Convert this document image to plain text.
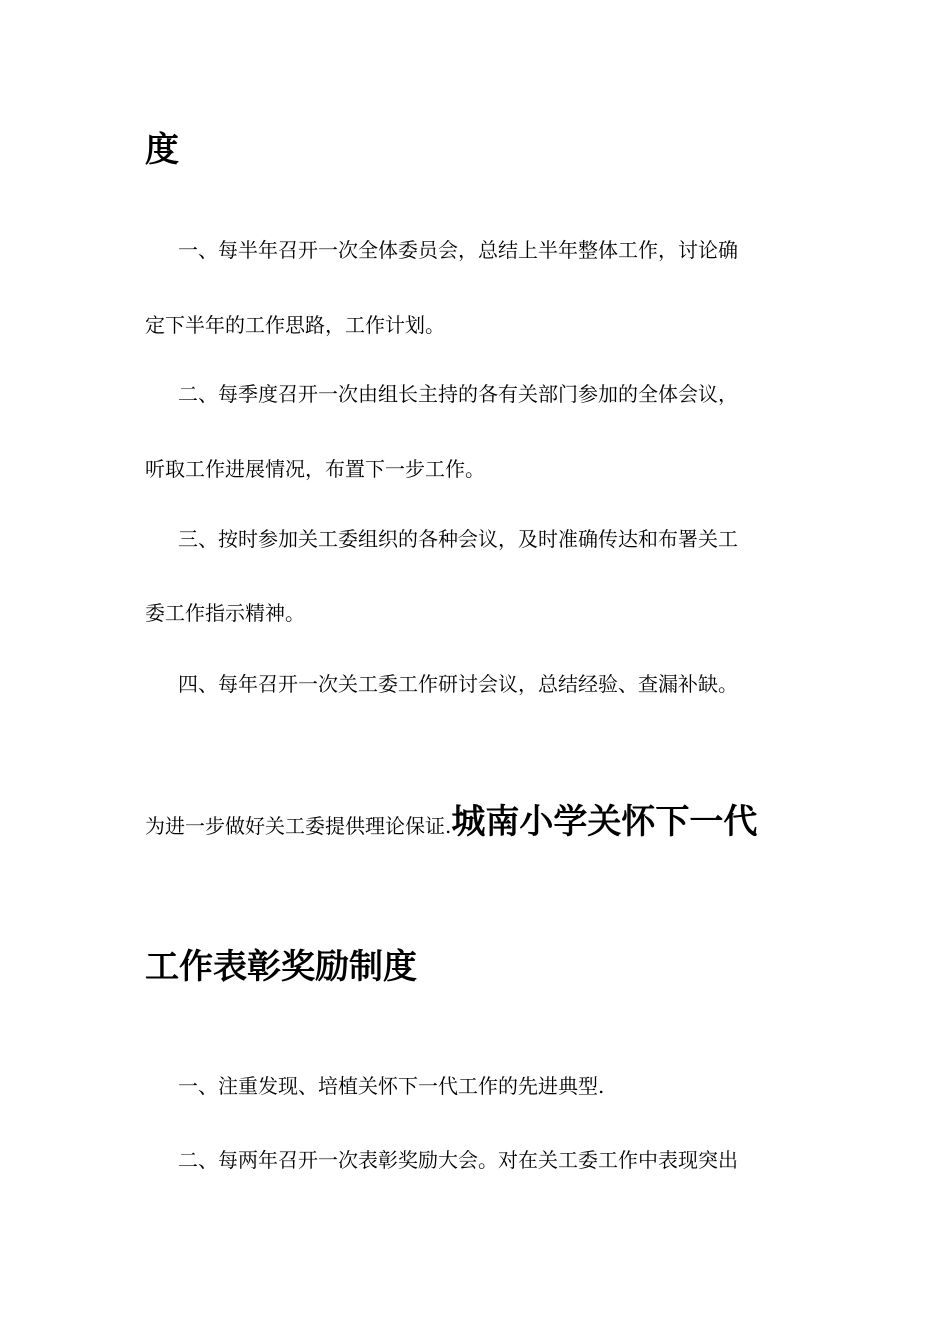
度
一、每半年召开一次全体委员会，总结上半年整体工作，讨论确
定下半年的工作思路，工作计划。
二、每季度召开一次由组长主持的各有关部门参加的全体会议，
听取工作进展情况，布置下一步工作。
三、按时参加关工委组织的各种会议，及时准确传达和布署关工
委工作指示精神。
四、每年召开一次关工委工作研讨会议，总结经验、查漏补缺。
为进一步做好关工委提供理论保证.城南小学关怀下一代
工作表彰奖励制度
一、注重发现、培植关怀下一代工作的先进典型.
二、每两年召开一次表彰奖励大会。对在关工委工作中表现突出
